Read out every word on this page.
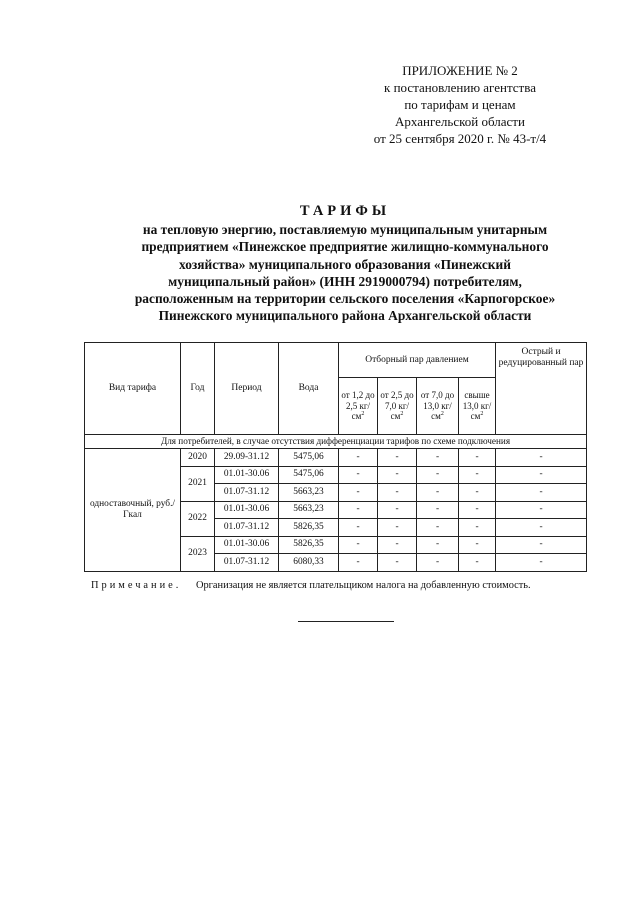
ПРИЛОЖЕНИЕ № 2
к постановлению агентства
по тарифам и ценам
Архангельской области
от 25 сентября 2020 г. № 43-т/4
ТАРИФЫ
на тепловую энергию, поставляемую муниципальным унитарным
предприятием «Пинежское предприятие жилищно-коммунального
хозяйства» муниципального образования «Пинежский
муниципальный район» (ИНН 2919000794) потребителям,
расположенным на территории сельского поселения «Карпогорское»
Пинежского муниципального района Архангельской области
Вид тарифа	Год	Период	Вода	Отборный пар давлением				Острый и редуцированный пар
				от 1,2 до 2,5 $кг/см^2$	от 2,5 до 7,0 $кг/см^2$	от 7,0 до 13,0 $кг/см^2$	свыше 13,0 $кг/см^2$
Для потребителей, в случае отсутствия дифференциации тарифов по схеме подключения								
одноставочный, руб./Гкал	2020	29.09-31.12	5475,06	-	-	-	-	-
	2021	01.01-30.06	5475,06	-	-	-	-	-
		01.07-31.12	5663,23	-	-	-	-	-
	2022	01.01-30.06	5663,23	-	-	-	-	-
		01.07-31.12	5826,35	-	-	-	-	-
	2023	01.01-30.06	5826,35	-	-	-	-	-
		01.07-31.12	6080,33	-	-	-	-	-
Примечание. Организация не является плательщиком налога на добавленную стоимость.
